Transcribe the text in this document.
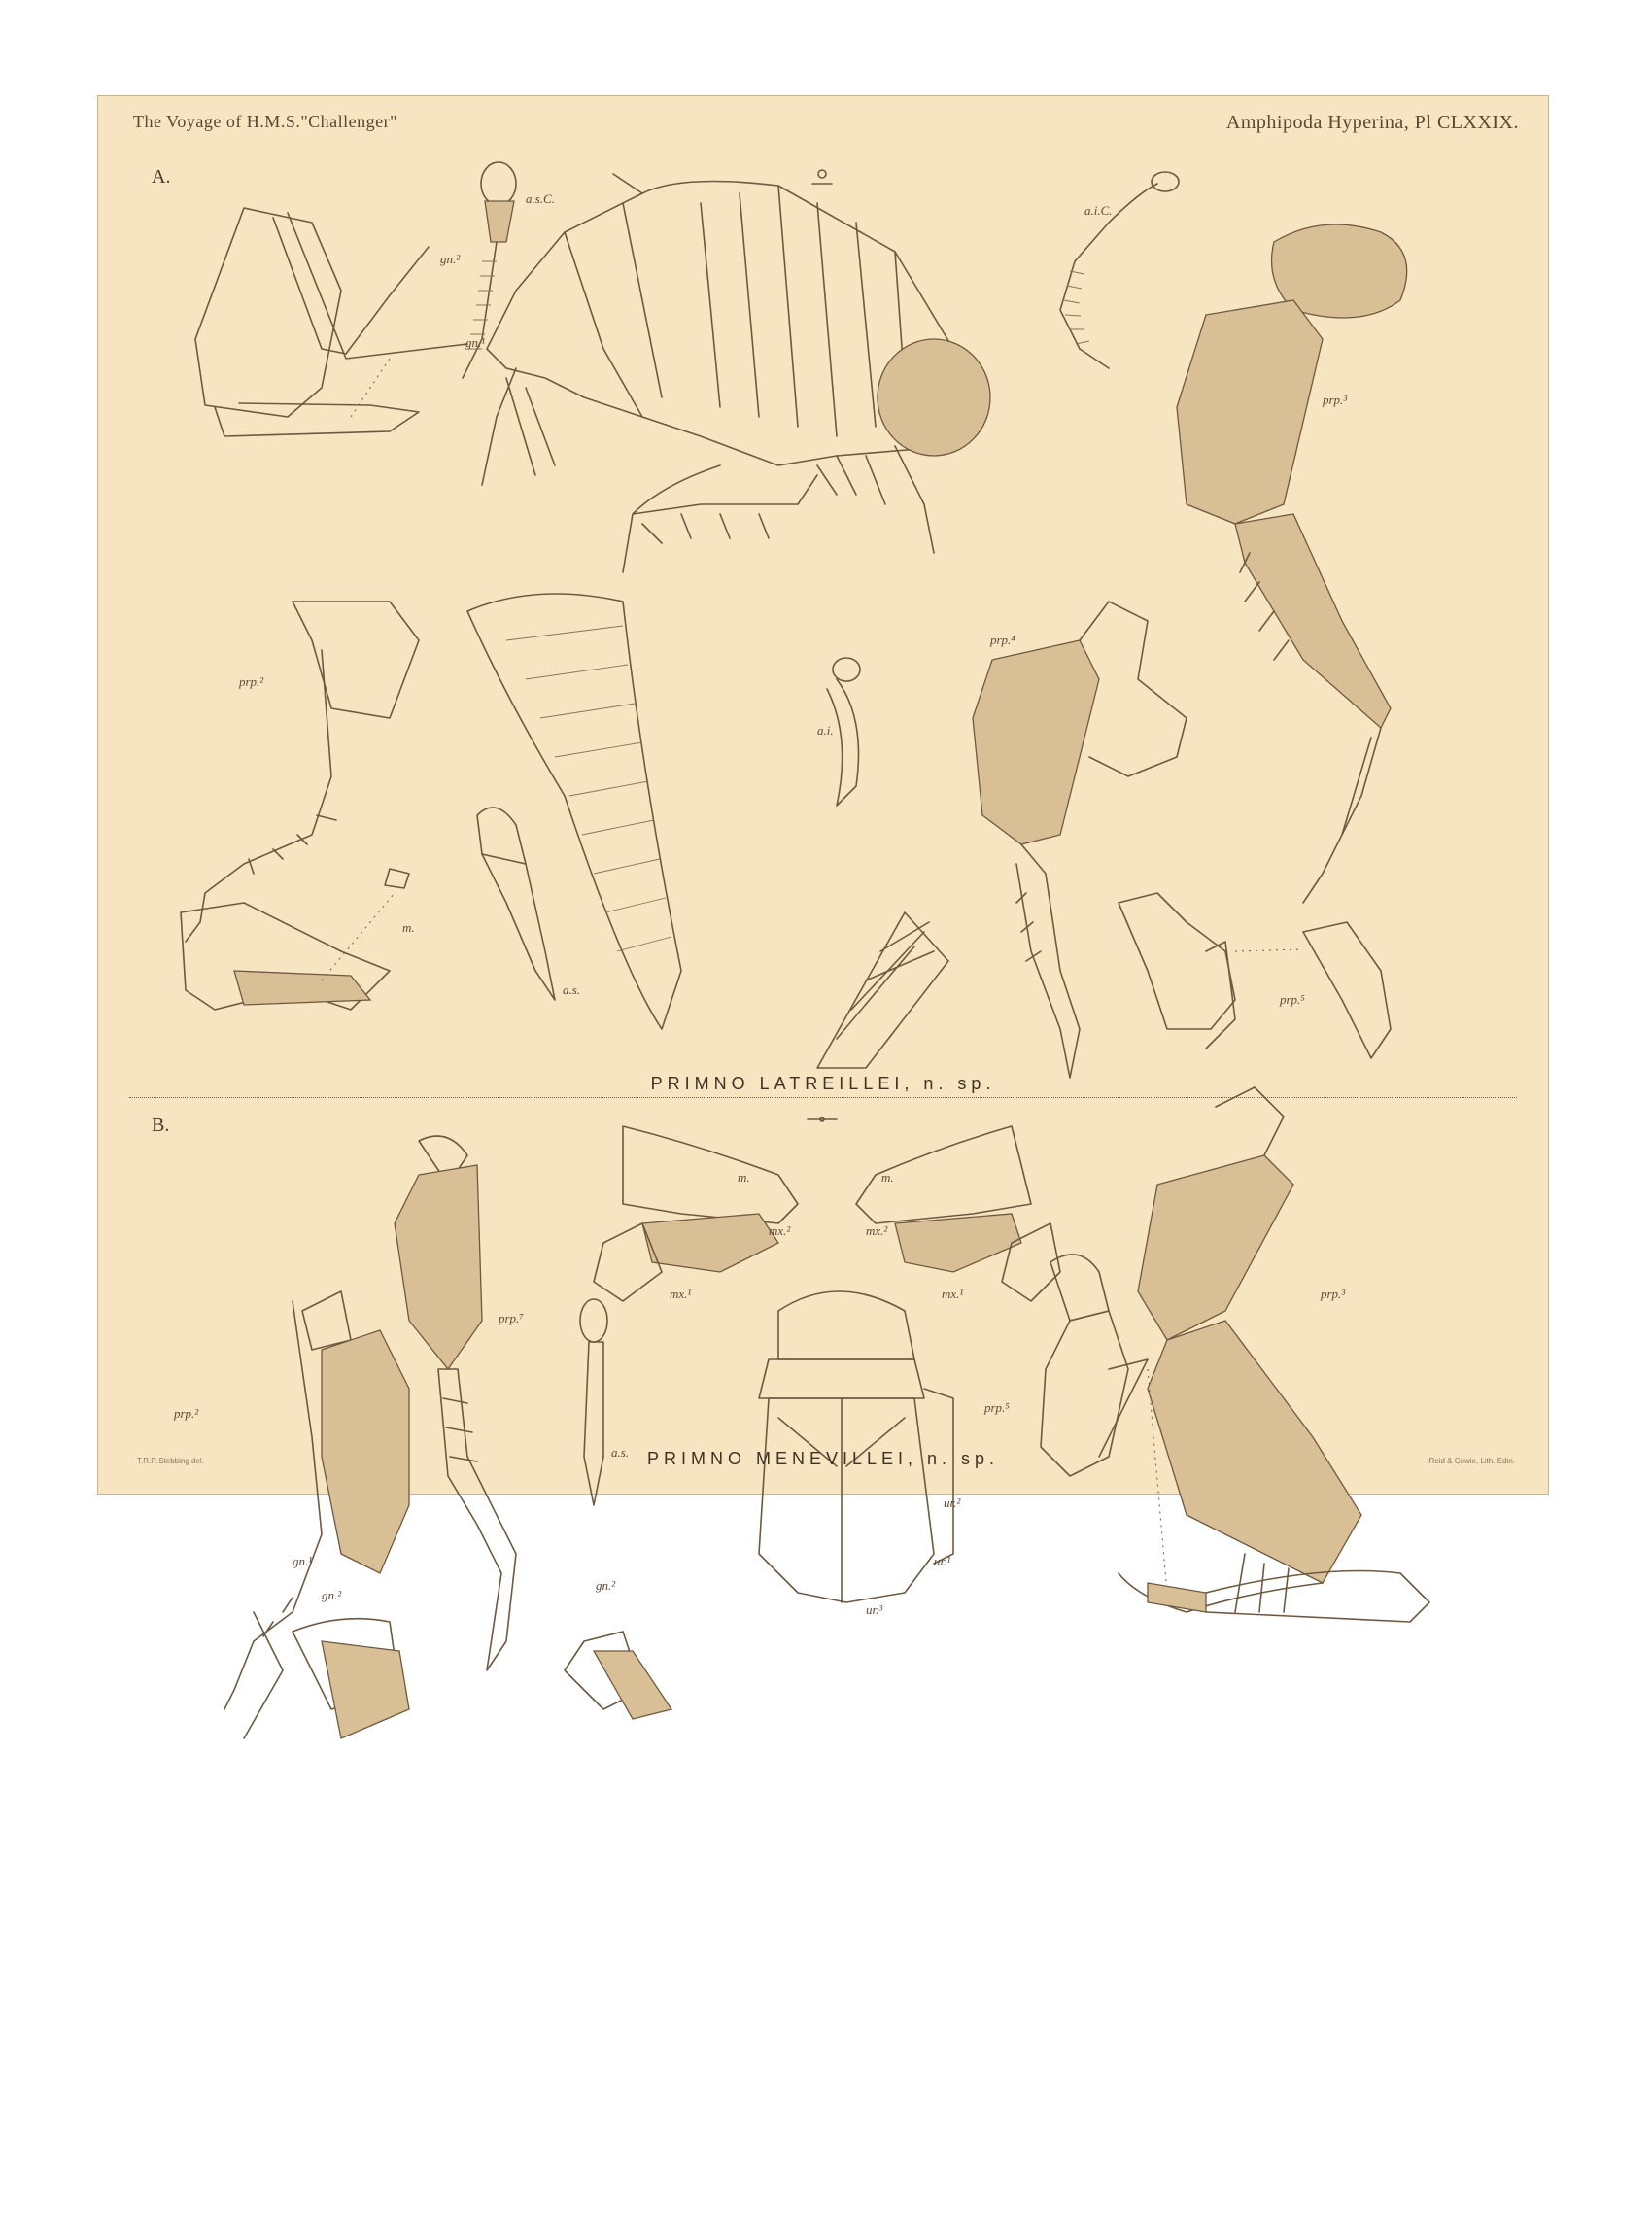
The Voyage of H.M.S."Challenger"	Amphipoda Hyperina, Pl CLXXIX.
A.
B.
gn.²
gn.¹
a.s.C.
a.i.C.
prp.³
prp.²
a.i.
prp.⁴
m.
a.s.
prp.⁵
PRIMNO LATREILLEI, n. sp.
m.	m.
mx.²	mx.²
mx.¹	mx.¹
prp.⁷
prp.³
prp.²
a.s.
prp.⁵
ur.²
ur.¹
ur.³
gn.¹
gn.²
gn.²
T.R.R.Stebbing del.	Reid & Cowie, Lith. Edin.
PRIMNO MENEVILLEI, n. sp.
